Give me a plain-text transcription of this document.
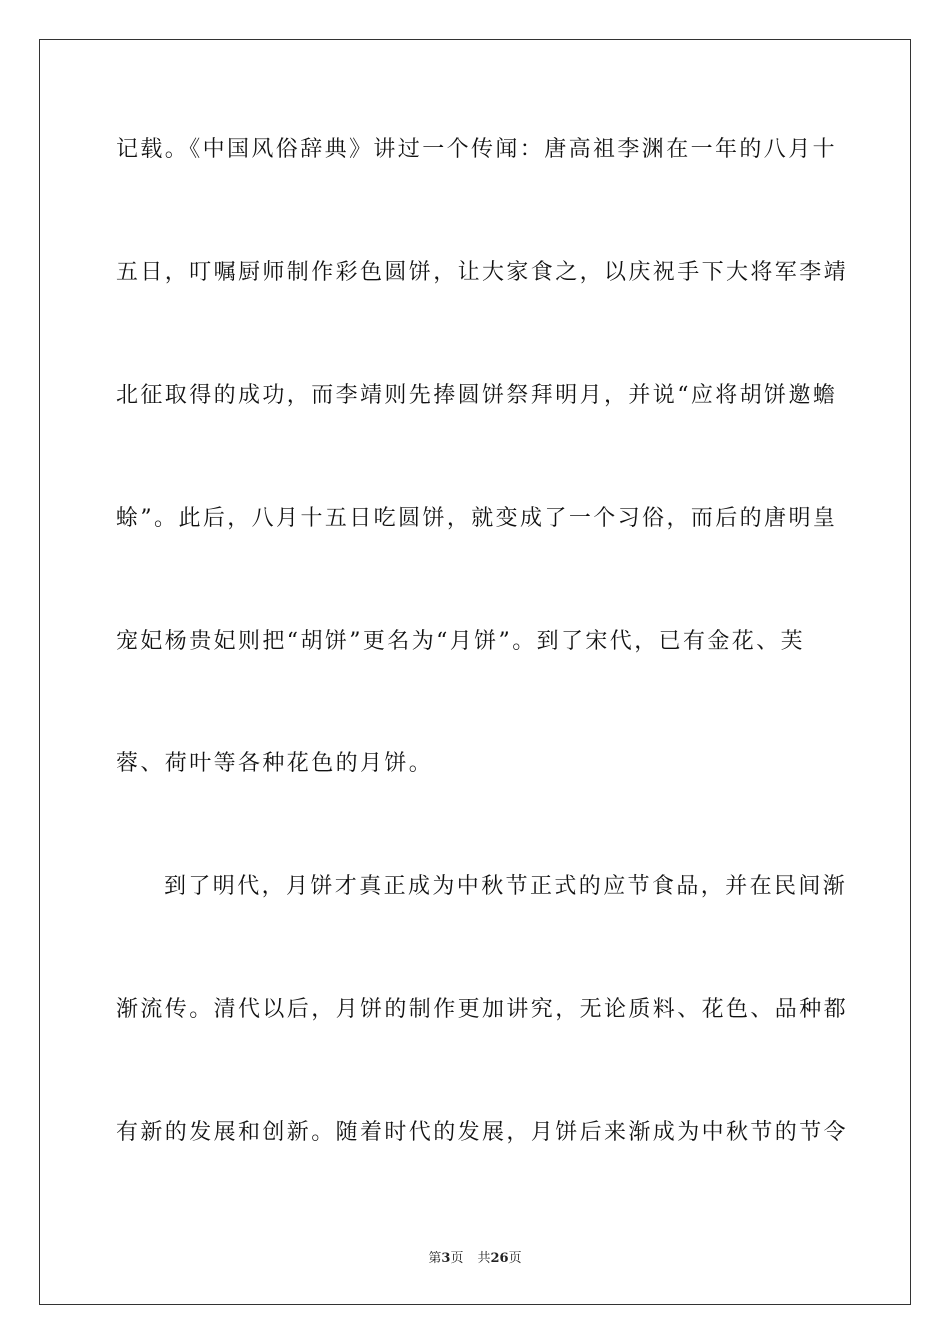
记载。《中国风俗辞典》讲过一个传闻：唐高祖李渊在一年的八月十
五日，叮嘱厨师制作彩色圆饼，让大家食之，以庆祝手下大将军李靖
北征取得的成功，而李靖则先捧圆饼祭拜明月，并说“应将胡饼邀蟾
蜍”。此后，八月十五日吃圆饼，就变成了一个习俗，而后的唐明皇
宠妃杨贵妃则把“胡饼”更名为“月饼”。到了宋代，已有金花、芙
蓉、荷叶等各种花色的月饼。
到了明代，月饼才真正成为中秋节正式的应节食品，并在民间渐
渐流传。清代以后，月饼的制作更加讲究，无论质料、花色、品种都
有新的发展和创新。随着时代的发展，月饼后来渐成为中秋节的节令
第3页 共26页
